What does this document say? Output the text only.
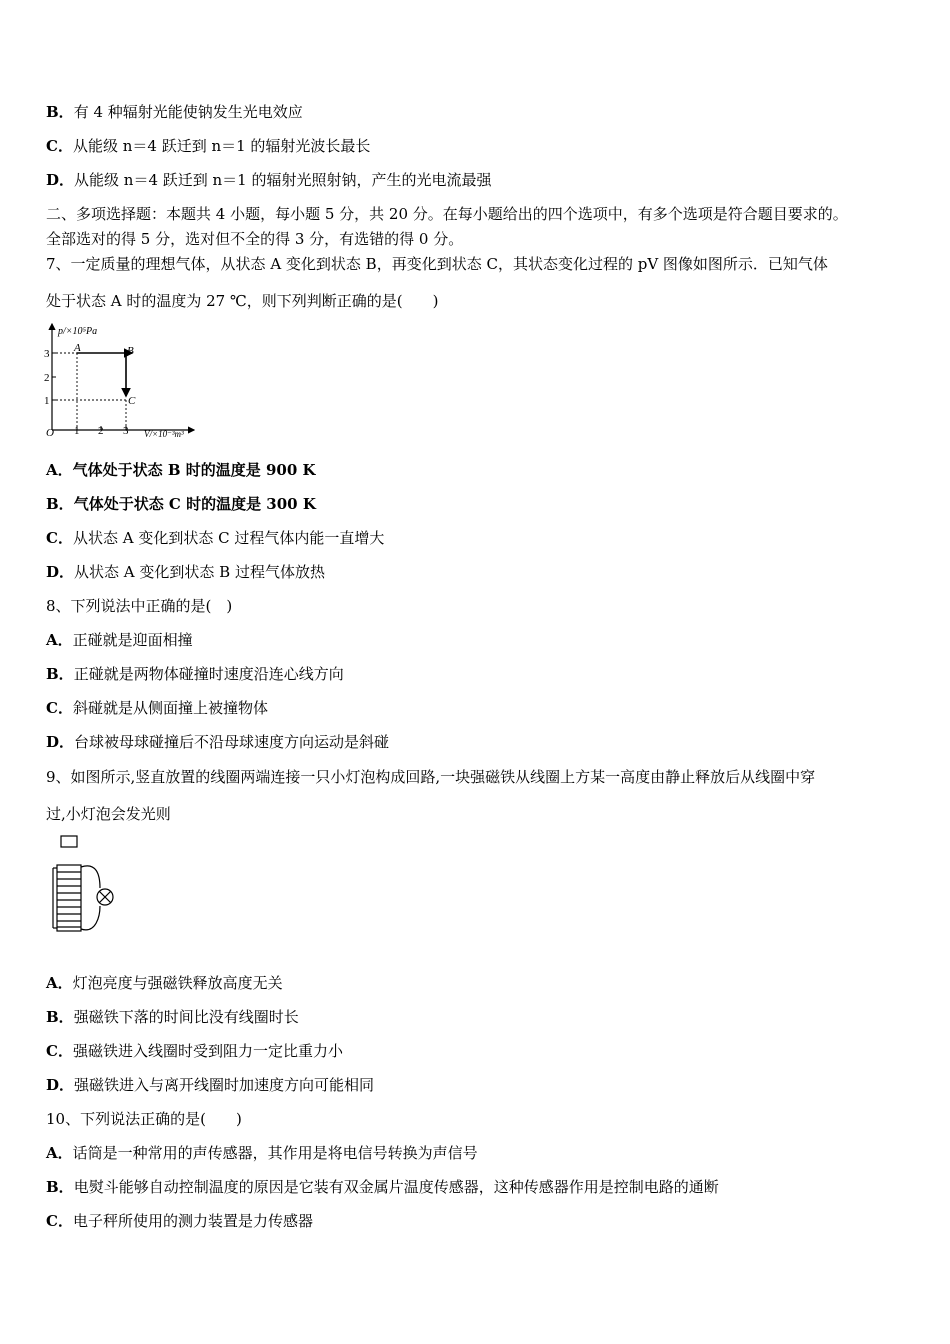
B．有 4 种辐射光能使钠发生光电效应
C．从能级 n＝4 跃迁到 n＝1 的辐射光波长最长
D．从能级 n＝4 跃迁到 n＝1 的辐射光照射钠，产生的光电流最强
二、多项选择题：本题共 4 小题，每小题 5 分，共 20 分。在每小题给出的四个选项中，有多个选项是符合题目要求的。
全部选对的得 5 分，选对但不全的得 3 分，有选错的得 0 分。
7、一定质量的理想气体，从状态 A 变化到状态 B，再变化到状态 C，其状态变化过程的 pV 图像如图所示．已知气体
处于状态 A 时的温度为 27 ℃，则下列判断正确的是(　　)
p/×10⁵Pa
V/×10⁻³m³
3
2
1
1 2 3
O
A	B
C
A．气体处于状态 B 时的温度是 900 K
B．气体处于状态 C 时的温度是 300 K
C．从状态 A 变化到状态 C 过程气体内能一直增大
D．从状态 A 变化到状态 B 过程气体放热
8、下列说法中正确的是(　)
A．正碰就是迎面相撞
B．正碰就是两物体碰撞时速度沿连心线方向
C．斜碰就是从侧面撞上被撞物体
D．台球被母球碰撞后不沿母球速度方向运动是斜碰
9、如图所示,竖直放置的线圈两端连接一只小灯泡构成回路,一块强磁铁从线圈上方某一高度由静止释放后从线圈中穿
过,小灯泡会发光则
A．灯泡亮度与强磁铁释放高度无关
B．强磁铁下落的时间比没有线圈时长
C．强磁铁进入线圈时受到阻力一定比重力小
D．强磁铁进入与离开线圈时加速度方向可能相同
10、下列说法正确的是(　　)
A．话筒是一种常用的声传感器，其作用是将电信号转换为声信号
B．电熨斗能够自动控制温度的原因是它装有双金属片温度传感器，这种传感器作用是控制电路的通断
C．电子秤所使用的测力装置是力传感器
